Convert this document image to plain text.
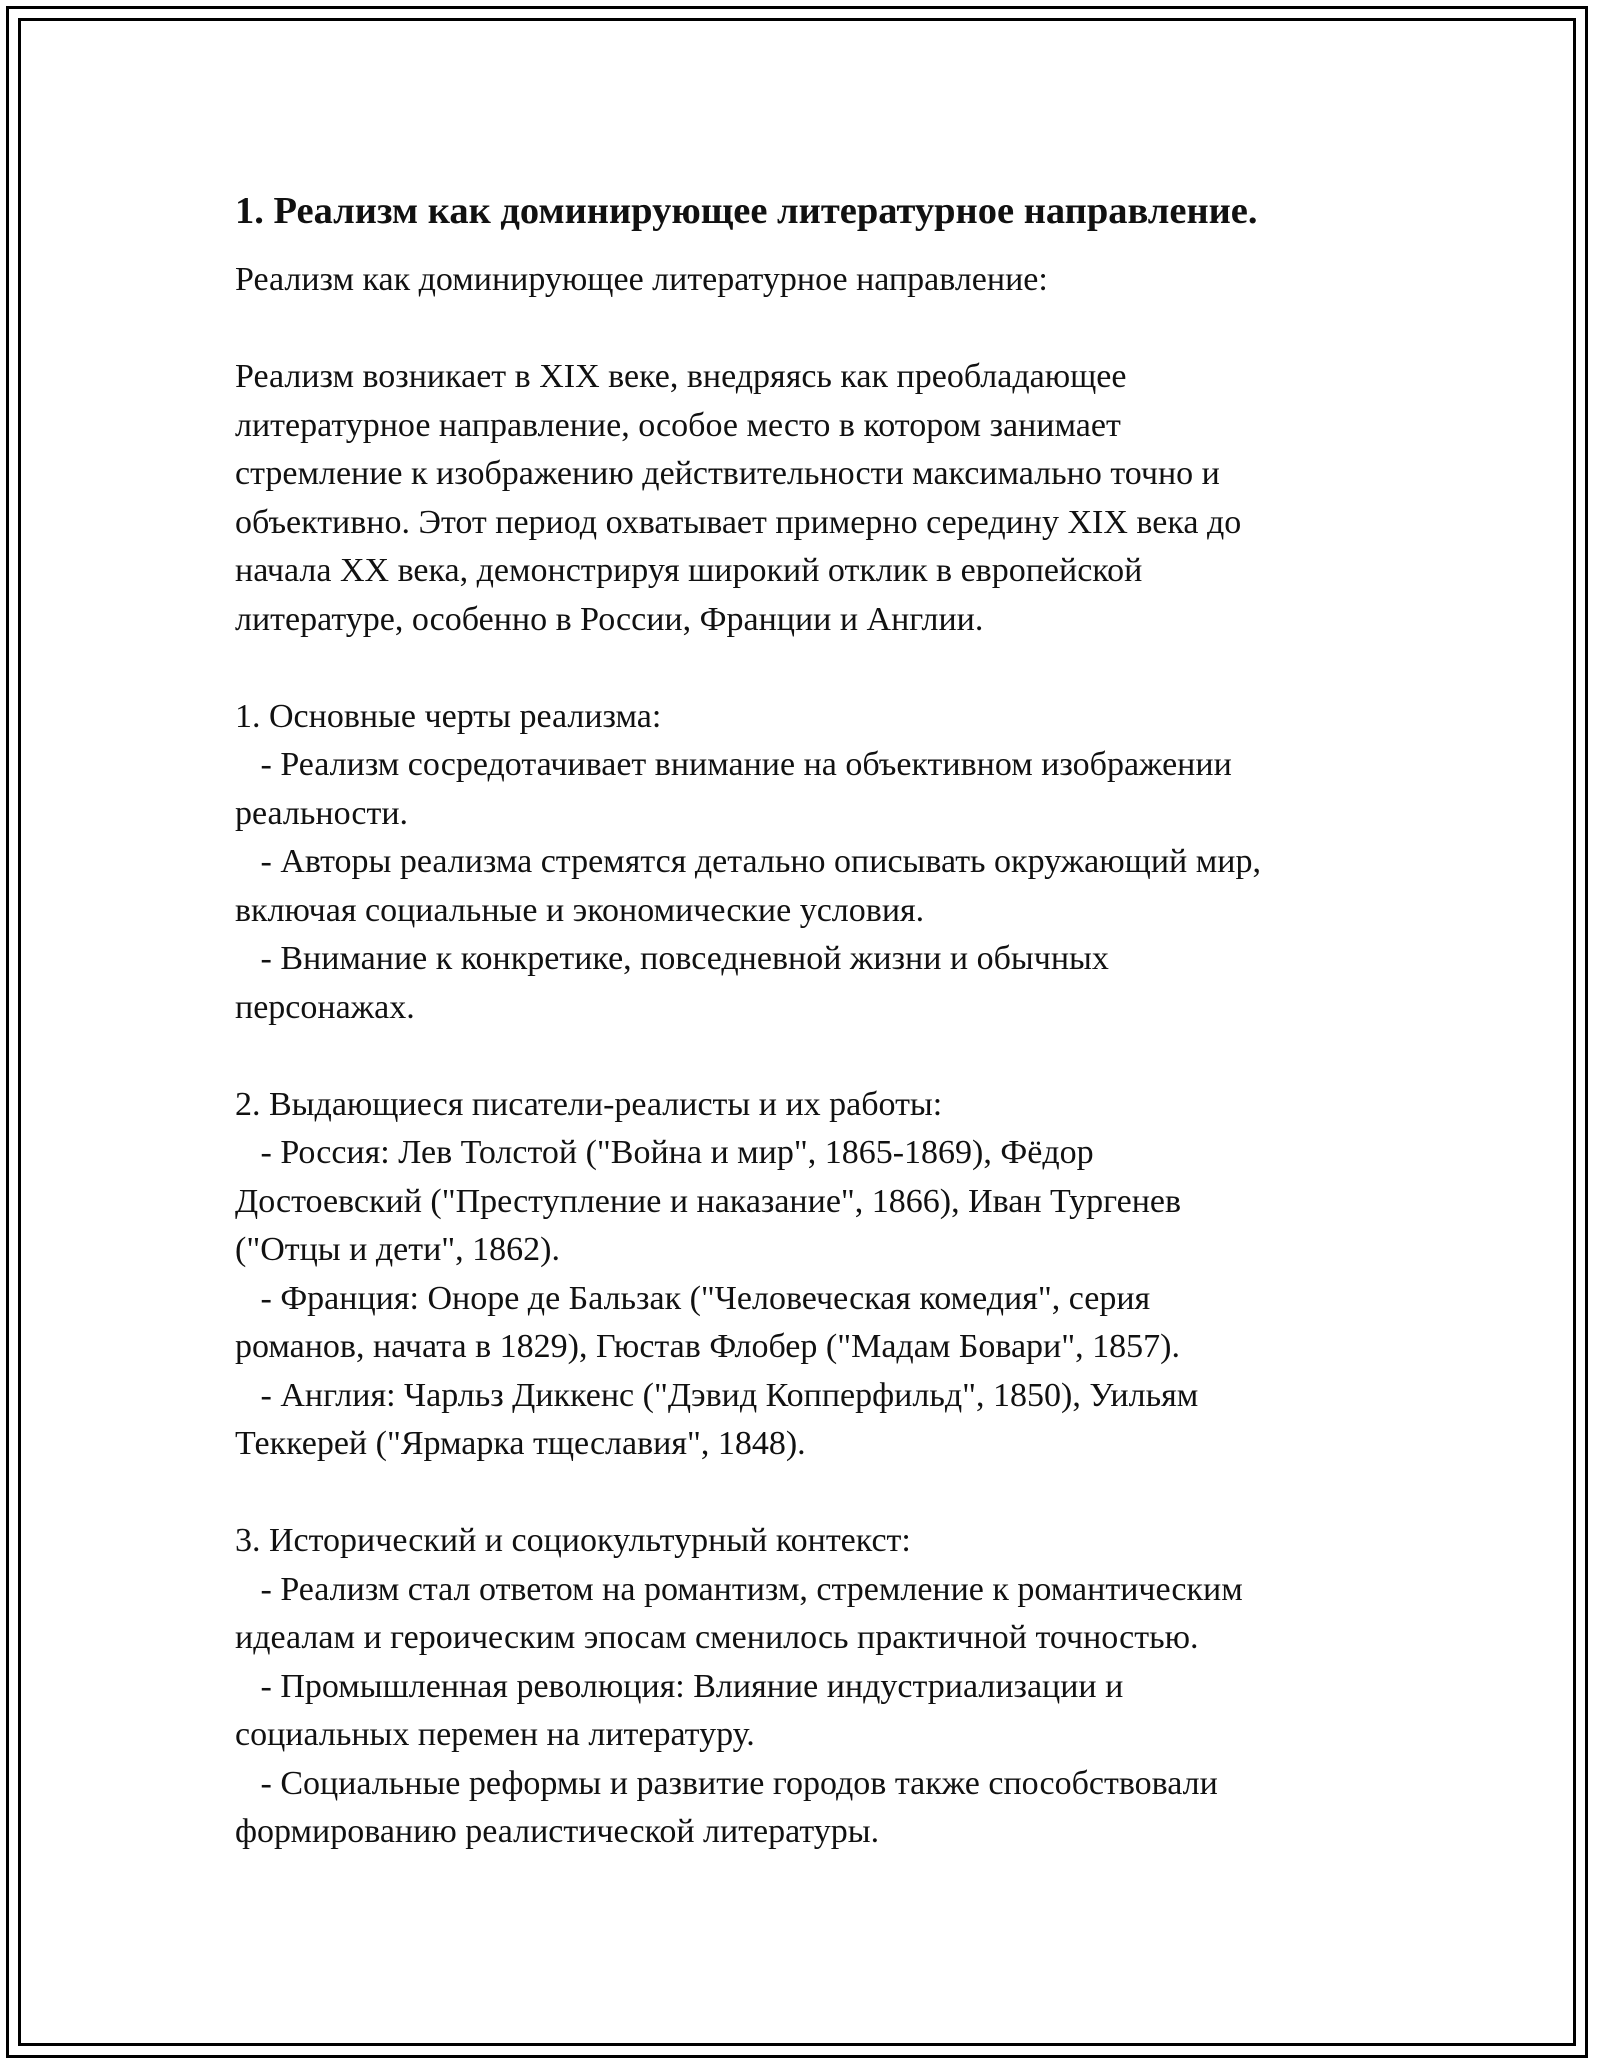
1. Реализм как доминирующее литературное направление.

Реализм как доминирующее литературное направление:

Реализм возникает в XIX веке, внедряясь как преобладающее

литературное направление, особое место в котором занимает

стремление к изображению действительности максимально точно и

объективно. Этот период охватывает примерно середину XIX века до

начала XX века, демонстрируя широкий отклик в европейской

литературе, особенно в России, Франции и Англии.

1. Основные черты реализма:

- Реализм сосредотачивает внимание на объективном изображении

реальности.

- Авторы реализма стремятся детально описывать окружающий мир,

включая социальные и экономические условия.

- Внимание к конкретике, повседневной жизни и обычных

персонажах.

2. Выдающиеся писатели-реалисты и их работы:

- Россия: Лев Толстой ("Война и мир", 1865-1869), Фёдор

Достоевский ("Преступление и наказание", 1866), Иван Тургенев

("Отцы и дети", 1862).

- Франция: Оноре де Бальзак ("Человеческая комедия", серия

романов, начата в 1829), Гюстав Флобер ("Мадам Бовари", 1857).

- Англия: Чарльз Диккенс ("Дэвид Копперфильд", 1850), Уильям

Теккерей ("Ярмарка тщеславия", 1848).

3. Исторический и социокультурный контекст:

- Реализм стал ответом на романтизм, стремление к романтическим

идеалам и героическим эпосам сменилось практичной точностью.

- Промышленная революция: Влияние индустриализации и

социальных перемен на литературу.

- Социальные реформы и развитие городов также способствовали

формированию реалистической литературы.
